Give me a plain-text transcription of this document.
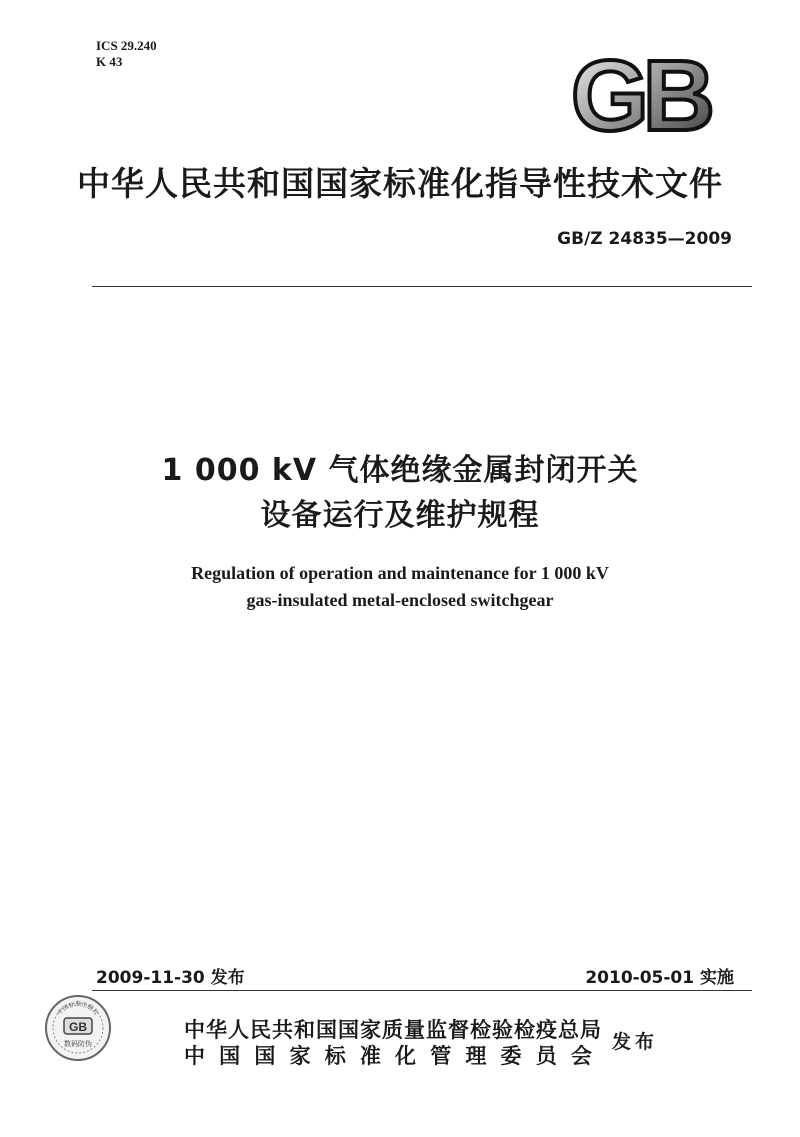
ICS 29.240
K 43	GB
中华人民共和国国家标准化指导性技术文件
GB/Z 24835—2009
1 000 kV 气体绝缘金属封闭开关
设备运行及维护规程
Regulation of operation and maintenance for 1 000 kV
gas-insulated metal-enclosed switchgear
2009-11-30 发布	2010-05-01 实施
GB
中国标准出版社
数码防伪
中华人民共和国国家质量监督检验检疫总局
中 国 国 家 标 准 化 管 理 委 员 会
发布
